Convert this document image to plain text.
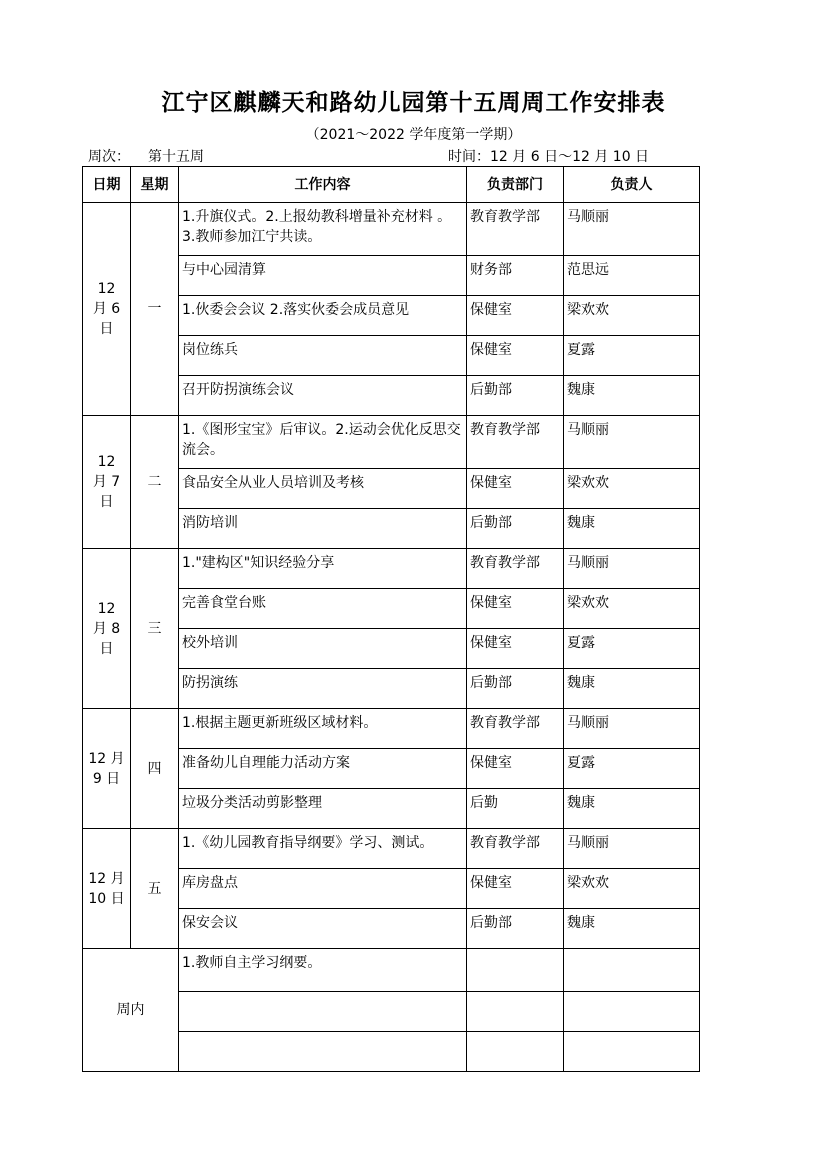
江宁区麒麟天和路幼儿园第十五周周工作安排表
（2021～2022 学年度第一学期）
周次： 第十五周	时间：12 月 6 日～12 月 10 日
日期	星期	工作内容	负责部门	负责人

12 月 6 日	一	1.升旗仪式。2.上报幼教科增量补充材料 。3.教师参加江宁共读。	教育教学部	马顺丽
		与中心园清算	财务部	范思远
		1.伙委会会议 2.落实伙委会成员意见	保健室	梁欢欢
		岗位练兵	保健室	夏露
		召开防拐演练会议	后勤部	魏康

12 月 7 日	二	1.《图形宝宝》后审议。2.运动会优化反思交流会。	教育教学部	马顺丽
		食品安全从业人员培训及考核	保健室	梁欢欢
		消防培训	后勤部	魏康

12 月 8 日	三	1."建构区"知识经验分享	教育教学部	马顺丽
		完善食堂台账	保健室	梁欢欢
		校外培训	保健室	夏露
		防拐演练	后勤部	魏康

12 月 9 日	四	1.根据主题更新班级区域材料。	教育教学部	马顺丽
		准备幼儿自理能力活动方案	保健室	夏露
		垃圾分类活动剪影整理	后勤	魏康

12 月 10 日	五	1.《幼儿园教育指导纲要》学习、测试。	教育教学部	马顺丽
		库房盘点	保健室	梁欢欢
		保安会议	后勤部	魏康
周内		1.教师自主学习纲要。		
